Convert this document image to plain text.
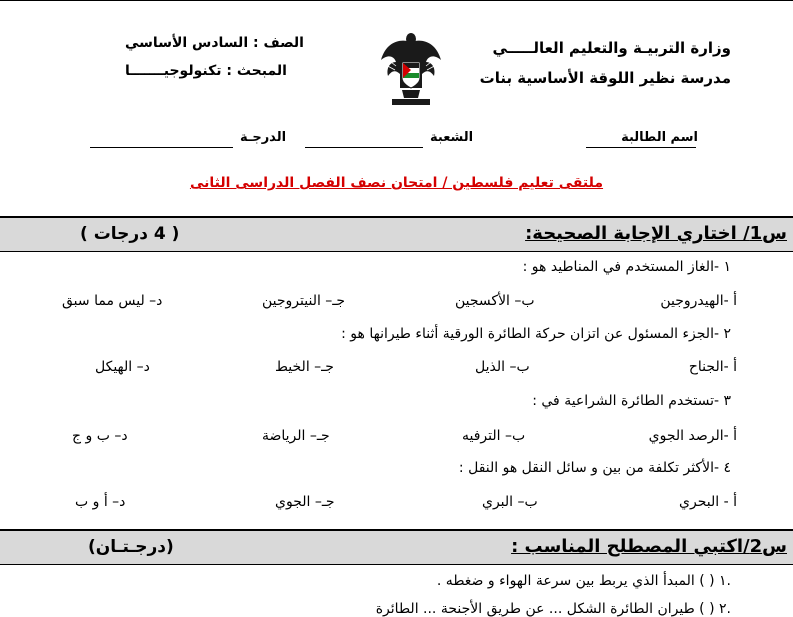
وزارة التربيـة والتعليم العالـــــي
مدرسة نظير اللوقة الأساسية بنات
الصف : السادس الأساسي
المبحث : تكنولوجيـــــــا
اسم الطالبة
الشعبة
الدرجـة
ملتقى تعليم فلسطين / امتحان نصف الفصل الدراسى الثانى
س1/ اختاري الإجابة الصحيحة:
( 4 درجات )
١ -الغاز المستخدم في المناطيد هو :
أ -الهيدروجين
ب– الأكسجين
جـ– النيتروجين
د– ليس مما سبق
٢ -الجزء المسئول عن اتزان حركة الطائرة الورقية أثناء طيرانها هو :
أ -الجناح
ب– الذيل
جـ– الخيط
د– الهيكل
٣ -تستخدم الطائرة الشراعية في :
أ -الرصد الجوي
ب– الترفيه
جـ– الرياضة
د– ب و ج
٤ -الأكثر تكلفة من بين و سائل النقل هو النقل :
أ - البحري
ب– البري
جـ– الجوي
د– أ و ب
س2/اكتبي المصطلح المناسب :
(درجـتـان)
.١ ( ) المبدأ الذي يربط بين سرعة الهواء و ضغطه .
.٢ ( ) طيران الطائرة الشكل ... عن طريق الأجنحة ... الطائرة
